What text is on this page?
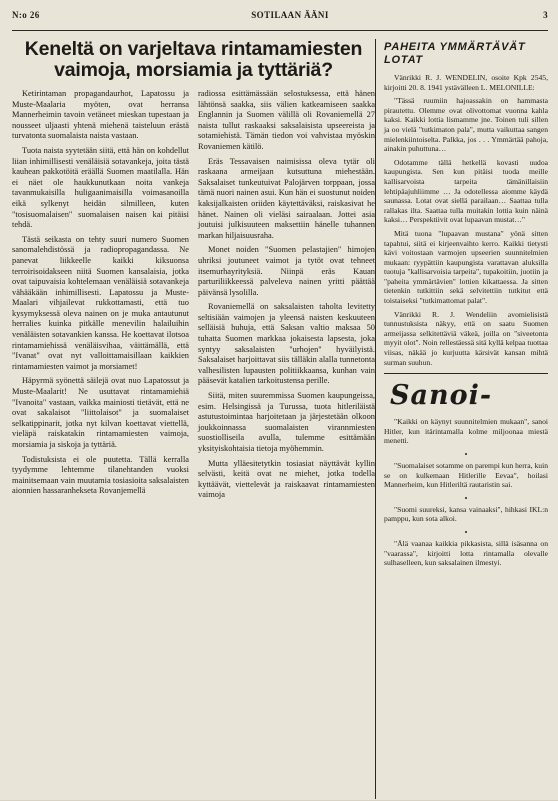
N:o 26	SOTILAAN ÄÄNI	3
Keneltä on varjeltava rintamamiesten vaimoja, morsiamia ja tyttäriä?

Ketirintaman propagandaurhot, Lapatossu ja Muste-Maalaria myöten, ovat herransa Mannerheimin tavoin vetäneet mieskan tupestaan ja nousseet uljaasti yhtenä miehenä taisteluun erästä turvatonta suomalaista naista vastaan.

Tuota naista syytetään siitä, että hän on kohdellut liian inhimillisesti venäläisiä sotavankeja, joita tästä kauhean pakkotöitä eräällä Suomen maatilalla. Hän ei näet ole haukkunutkaan noita vankeja tavanmukaisilla huligaanimaisilla voimasanoilla eikä sylkenyt heidän silmilleen, kuten "tosisuomalaisen" suomalaisen naisen kai pitäisi tehdä.

Tästä seikasta on tehty suuri numero Suomen sanomalehdistössä ja radiopropagandassa. Ne panevat liikkeelle kaikki kiksuonsa terroirisoidakseen niitä Suomen kansalaisia, jotka ovat taipuvaisia kohtelemaan venäläisiä sotavankeja vähääkään inhimillisesti. Lapatossu ja Muste-Maalari vihjailevat rukkottamasti, että tuo kysymyksessä oleva nainen on je muka antautunut herralies kuinka pitkälle menevilin halailuihin venäläisten sotavankien kanssa. He koettavat ilotsoa rintamamiehissä venäläisvihaa, väittämällä, että "Ivanat" ovat nyt valloittamaisillaan kaikkien rintamamiesten vaimot ja morsiamet!

Häpyrmä syönettä säilejä ovat nuo Lapatossut ja Muste-Maalarit! Ne usuttavat rintamamiehiä "Ivanoita" vastaan, vaikka mainiosti tietävät, että ne ovat sakalaisot "liittolaisot" ja suomalaiset selkatippinarit, jotka nyt kilvan koettavat viettellä, vieläpä raiskatakin rintamamiesten vaimoja, morsiamia ja siskoja ja tyttäriä.

Todistuksista ei ole puutetta. Tällä kerralla tyydymme lehtemme tilanehtanden vuoksi mainitsemaan vain muutamia tosiasioita saksalaisten aionnien hassaranhekseta Rovanjemellä

radiossa esittämässään selostuksessa, että hänen lähtönsä saakka, siis välien katkeamiseen saakka Englannin ja Suomen välillä oli Rovaniemellä 27 naista tullut raskaaksi saksalaisista upseereista ja sotamiehistä. Tämän tiedon voi vahvistaa myöskin Rovaniemen kätilö.

Eräs Tessavaisen naimisissa oleva tytär oli raskaana armeijaan kutsuttuna miehestään. Saksalaiset tunkeutuivat Palojärven torppaan, jossa tämä nuori nainen asui. Kun hän ei suostunut noiden kaksijalkaisten oriiden käytettäväksi, raiskasivat he hänet. Nainen oli vieläsi sairaalaan. Jottei asia joutuisi julkisuuteen maksettiin hänelle tuhannen markan hiljaisuusraha.

Monet noiden "Suomen pelastajien" himojen uhriksi joutuneet vaimot ja tytöt ovat tehneet itsemurhayrityksiä. Niinpä eräs Kauan parturiliikkeessä palveleva nainen yritti päättää päivänsä lysolilla.

Rovaniemellä on saksalaisten taholta levitetty seltisiään vaimojen ja yleensä naisten keskuuteen selläisiä huhuja, että Saksan valtio maksaa 50 tuhatta Suomen markkaa jokaisesta lapsesta, joka syntyy saksalaisten "urhojen" hyväilyistä. Saksalaiset harjoittavat siis tälläkin alalla tunnetonta valhesilisten lupausten politiikkaansa, kunhan vain pääsevät katalien tarkoitustensa perille.

Siitä, miten suuremmissa Suomen kaupungeissa, esim. Helsingissä ja Turussa, tuota hitleriläistä astutustoimintaa harjoitetaan ja järjestetään olkoon joukkoinnassa suomalaisten virannmiesten suostiolliseila avulla, tulemme esittämään yksityiskohtaisia tietoja myöhemmin.

Mutta ylläesitetytkin tosiasiat näyttävät kyllin selvästi, keitä ovat ne miehet, jotka todella kyttäävät, viettelevät ja raiskaavat rintamamiesten vaimoja

PAHEITA YMMÄRTÄVÄT LOTAT

Vänrikki R. J. WENDELIN, osoite Kpk 2545, kirjoitti 20. 8. 1941 ystävälleen L. MELONILLE:

"Tässä ruumiin hajoassakin on hammasta pirautettu. Olemme ovat olivottomat vuonna kahla kaksi. Kaikki lottia lismamme jne. Toinen tuli sillen ja oo vielä "tutkimaton pala", mutta vaikuttaa sangen mielenkiintoiselta. Palkka, jos . . . Ymmärtää pahoja, ainakin puhuttuna…

Odotamme tällä hetkellä kovasti uudoa kaupungista. Sen kun pitäisi tuoda meille kallisarvoista tarpeita tämänillaisiin lehtipäajuhliimme … Ja odotellessa aiomme käydä saunassa. Lotat ovat siellä parailaan… Saattaa tulla rallakas ilta. Saattaa tulla muitakin lottia kuin näinä kaksi… Perspektiivit ovat lupaavan mustat…"

Mitä tuona "lupaavan mustana" yönä sitten tapahtui, siitä ei kirjeenvaihto kerro. Kaikki tietysti kävi voitostaan varmojen upseerien suunnitelmien mukaan: ryypättiin kaupungista varattavan aluksilla tuotuja "kallisarvoisia tarpeita", tupakoitiin, juotiin ja "paheita ymmärtävien" lottien kikattaessa. Ja sitten tietenkin tutkittiin sekä selvitettiin tutkitut että toistaiseksi "tutkimattomat palat".

Vänrikki R. J. Wendeliin avomielisistä tunnustuksista näkyy, että on saatu Suomen armeijassa selkitettäviä väkeä, joilla on "siveetonta myyit olot". Noin rellestäessä sitä kyllä kelpaa tuottaa viisas, näkää jo kurjuutta kärsivät kansan mihtä surman suuhun.

Sanoi-

"Kaikki on käynyt suunnitelmien mukaan", sanoi Hitler, kun itärintamalla kolme miljoonaa miestä menetti.

•

"Suomalaiset sotamme on parempi kun herra, kuin se on kulkemaan Hitlerille Eevaa", hoilasi Mannerheim, kun Hitleriltä rautaristin sai.

•

"Suomi suureksi, kansa vainaaksi", hihkasi IKL:n pamppu, kun sota alkoi.

•

"Älä vaanaa kaikkia pikkasista, sillä isäsanna on "vaarassa", kirjoitti lotta rintamalla olevalle sulhaselleen, kun saksalainen ilmestyi.
